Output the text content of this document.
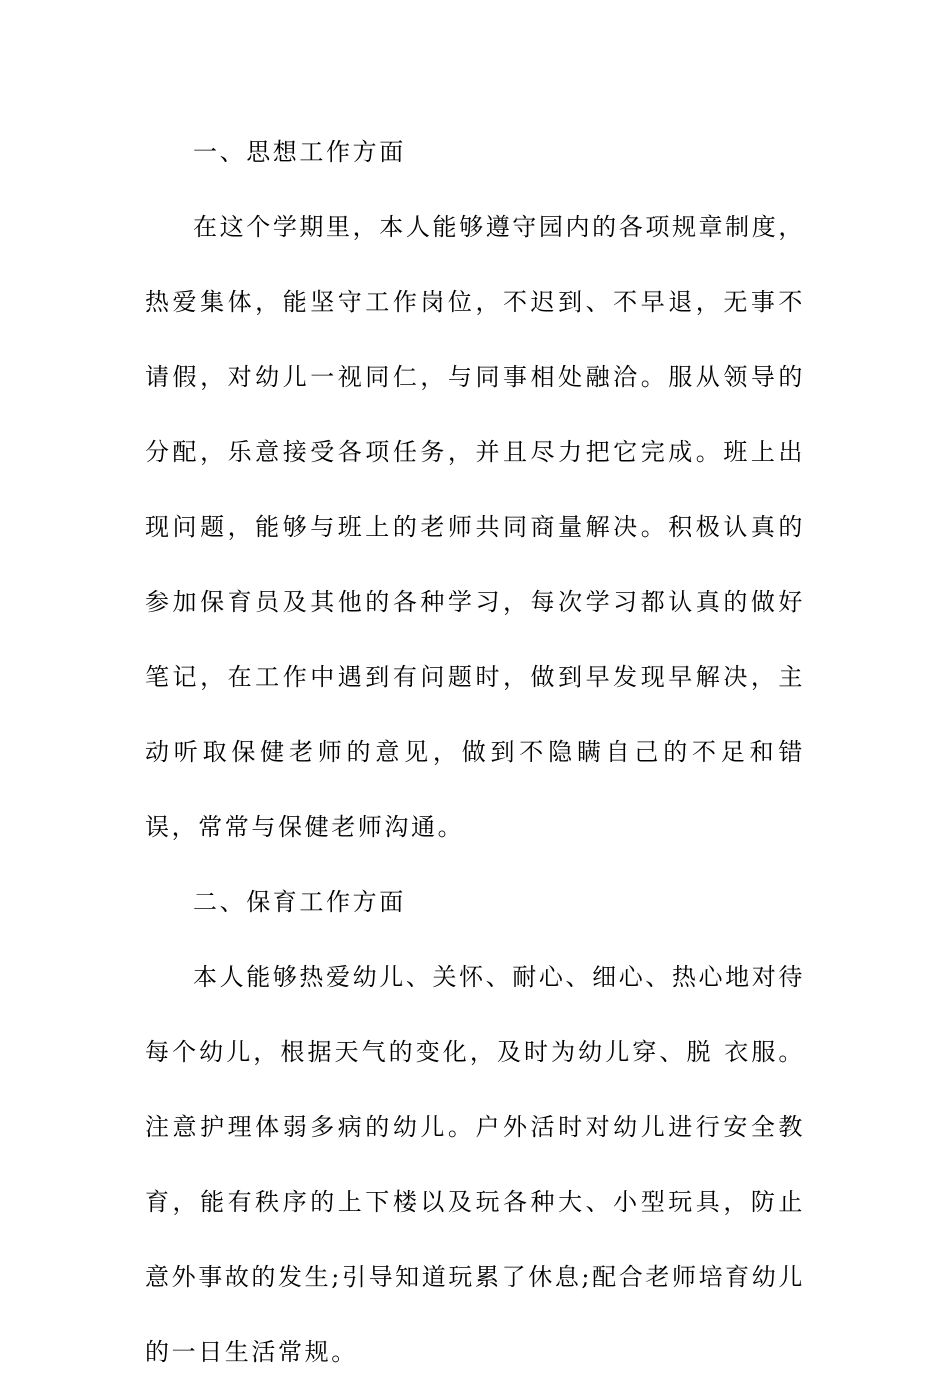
一、思想工作方面

在这个学期里，本人能够遵守园内的各项规章制度，热爱集体，能坚守工作岗位，不迟到、不早退，无事不请假，对幼儿一视同仁，与同事相处融洽。服从领导的分配，乐意接受各项任务，并且尽力把它完成。班上出现问题，能够与班上的老师共同商量解决。积极认真的参加保育员及其他的各种学习，每次学习都认真的做好笔记，在工作中遇到有问题时，做到早发现早解决，主动听取保健老师的意见，做到不隐瞒自己的不足和错误，常常与保健老师沟通。

二、保育工作方面

本人能够热爱幼儿、关怀、耐心、细心、热心地对待每个幼儿，根据天气的变化，及时为幼儿穿、脱 衣服。注意护理体弱多病的幼儿。户外活时对幼儿进行安全教育，能有秩序的上下楼以及玩各种大、小型玩具，防止意外事故的发生;引导知道玩累了休息;配合老师培育幼儿的一日生活常规。
